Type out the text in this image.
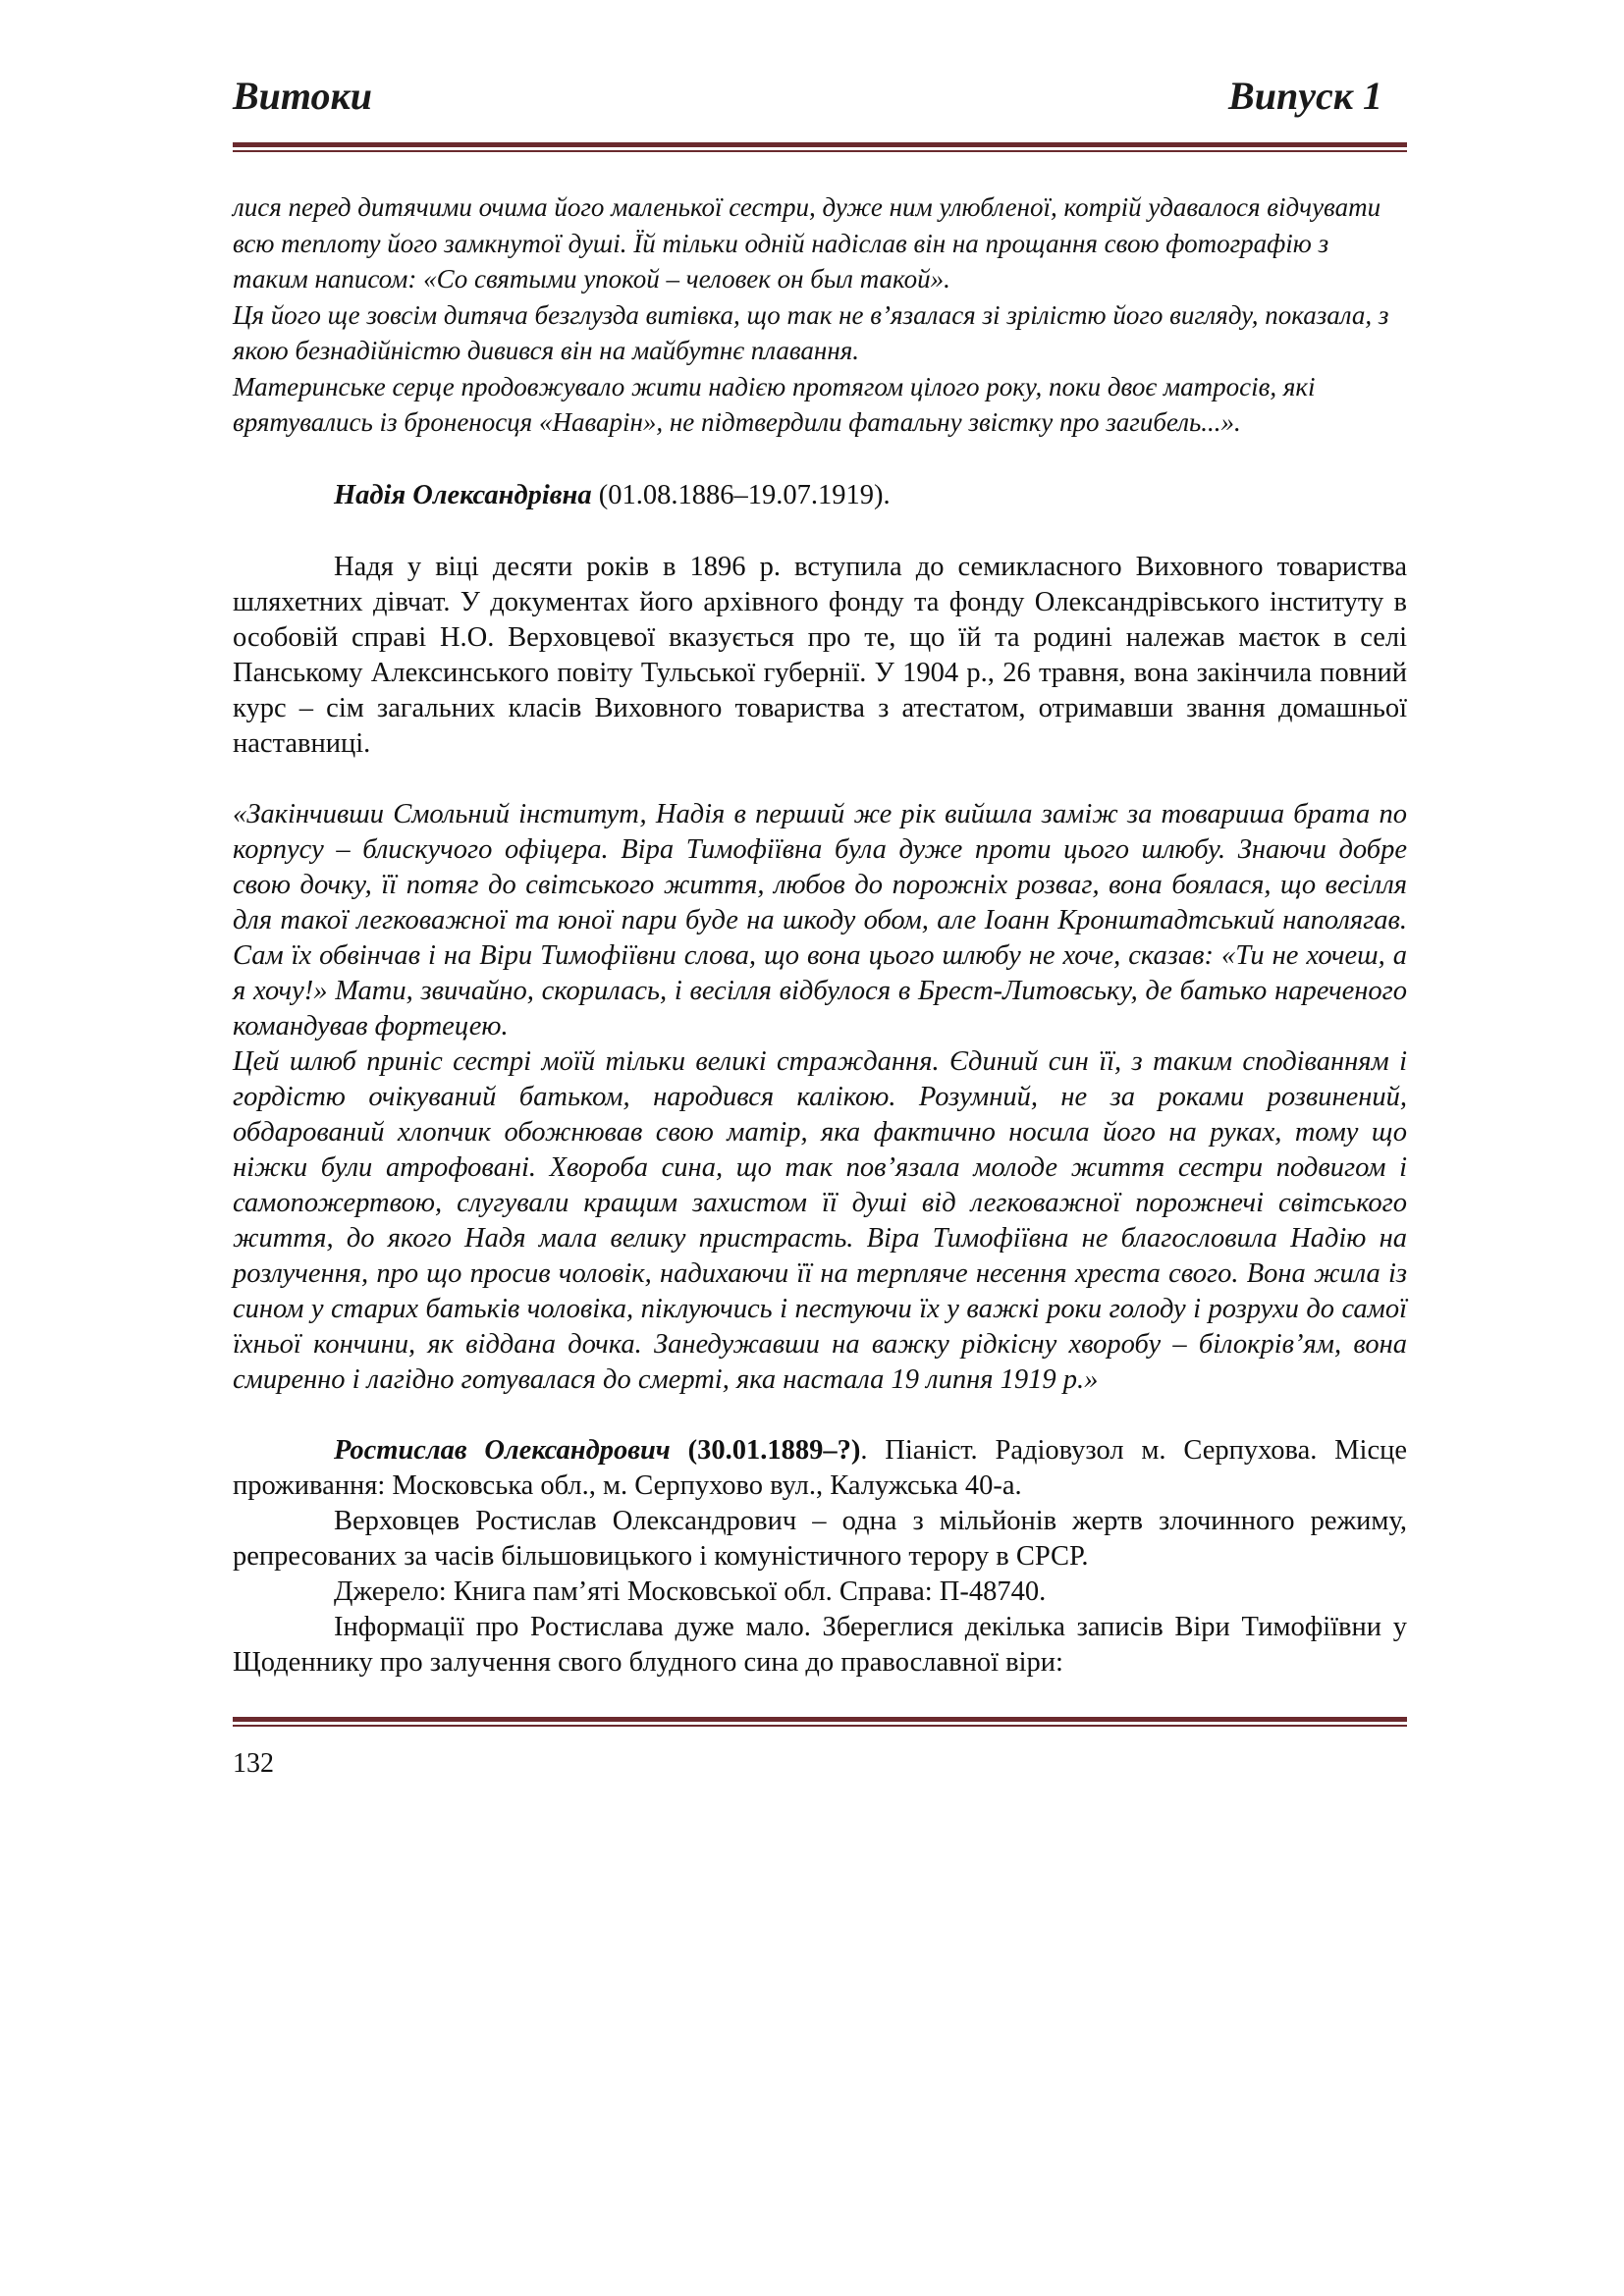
Витоки	Випуск 1

лися перед дитячими очима його маленької сестри, дуже ним улюбленої, котрій удавалося відчувати всю теплоту його замкнутої душі. Їй тільки одній надіслав він на прощання свою фотографію з таким написом: «Со святыми упокой – человек он был такой».

Ця його ще зовсім дитяча безглузда витівка, що так не в’язалася зі зрілістю його вигляду, показала, з якою безнадійністю дивився він на майбутнє плавання.

Материнське серце продовжувало жити надією протягом цілого року, поки двоє матросів, які врятувались із броненосця «Наварін», не підтвердили фатальну звістку про загибель...».

Надія Олександрівна (01.08.1886–19.07.1919).

Надя у віці десяти років в 1896 р. вступила до семикласного Виховного товариства шляхетних дівчат. У документах його архівного фонду та фонду Олександрівського інституту в особовій справі Н.О. Верховцевої вказується про те, що їй та родині належав маєток в селі Панському Алексинського повіту Тульської губернії. У 1904 р., 26 травня, вона закінчила повний курс – сім загальних класів Виховного товариства з атестатом, отримавши звання домашньої наставниці.

«Закінчивши Смольний інститут, Надія в перший же рік вийшла заміж за товариша брата по корпусу – блискучого офіцера. Віра Тимофіївна була дуже проти цього шлюбу. Знаючи добре свою дочку, її потяг до світського життя, любов до порожніх розваг, вона боялася, що весілля для такої легковажної та юної пари буде на шкоду обом, але Іоанн Кронштадтський наполягав. Сам їх обвінчав і на Віри Тимофіївни слова, що вона цього шлюбу не хоче, сказав: «Ти не хочеш, а я хочу!» Мати, звичайно, скорилась, і весілля відбулося в Брест-Литовську, де батько нареченого командував фортецею.

Цей шлюб приніс сестрі моїй тільки великі страждання. Єдиний син її, з таким сподіванням і гордістю очікуваний батьком, народився калікою. Розумний, не за роками розвинений, обдарований хлопчик обожнював свою матір, яка фактично носила його на руках, тому що ніжки були атрофовані. Хвороба сина, що так пов’язала молоде життя сестри подвигом і самопожертвою, слугували кращим захистом її душі від легковажної порожнечі світського життя, до якого Надя мала велику пристрасть. Віра Тимофіївна не благословила Надію на розлучення, про що просив чоловік, надихаючи її на терпляче несення хреста свого. Вона жила із сином у старих батьків чоловіка, піклуючись і пестуючи їх у важкі роки голоду і розрухи до самої їхньої кончини, як віддана дочка. Занедужавши на важку рідкісну хворобу – білокрів’ям, вона смиренно і лагідно готувалася до смерті, яка настала 19 липня 1919 р.»

Ростислав Олександрович (30.01.1889–?). Піаніст. Радіовузол м. Серпухова. Місце проживання: Московська обл., м. Серпухово вул., Калужська 40-а.

Верховцев Ростислав Олександрович – одна з мільйонів жертв злочинного режиму, репресованих за часів більшовицького і комуністичного терору в СРСР.

Джерело: Книга пам’яті Московської обл. Справа: П-48740.

Інформації про Ростислава дуже мало. Збереглися декілька записів Віри Тимофіївни у Щоденнику про залучення свого блудного сина до православної віри:

132
